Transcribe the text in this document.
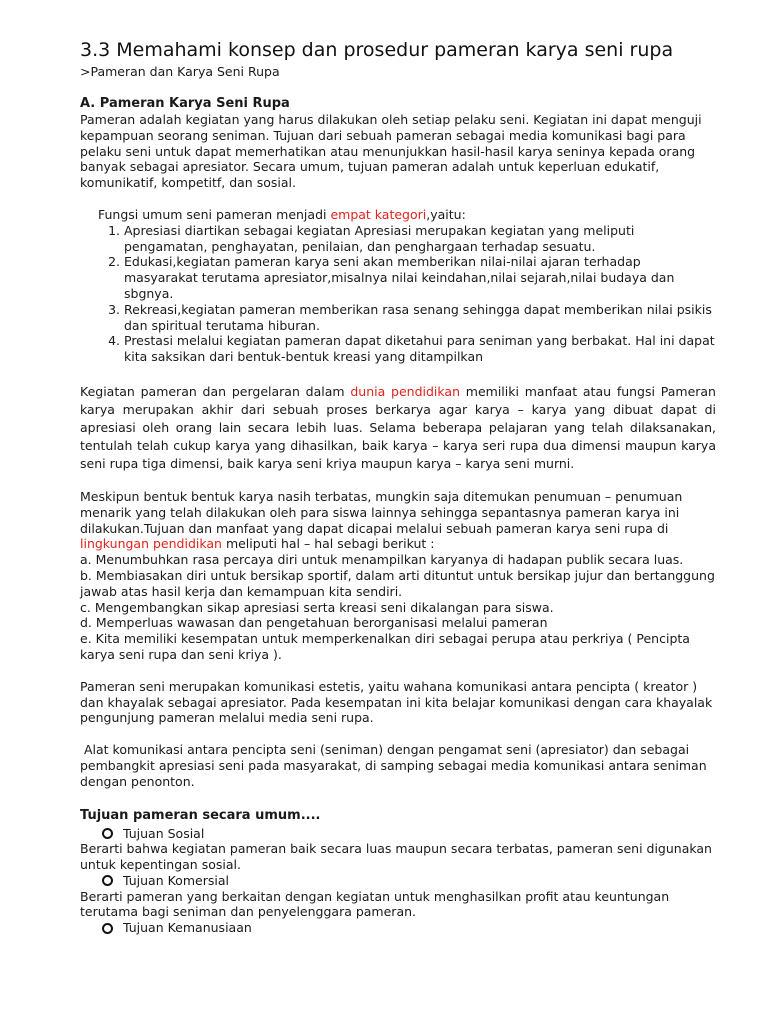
3.3 Memahami konsep dan prosedur pameran karya seni rupa
>Pameran dan Karya Seni Rupa
A. Pameran Karya Seni Rupa

Pameran adalah kegiatan yang harus dilakukan oleh setiap pelaku seni. Kegiatan ini dapat menguji kepampuan seorang seniman. Tujuan dari sebuah pameran sebagai media komunikasi bagi para pelaku seni untuk dapat memerhatikan atau menunjukkan hasil-hasil karya seninya kepada orang banyak sebagai apresiator. Secara umum, tujuan pameran adalah untuk keperluan edukatif, komunikatif, kompetitf, dan sosial.

Fungsi umum seni pameran menjadi empat kategori,yaitu:

1. Apresiasi diartikan sebagai kegiatan Apresiasi merupakan kegiatan yang meliputi pengamatan, penghayatan, penilaian, dan penghargaan terhadap sesuatu.
2. Edukasi,kegiatan pameran karya seni akan memberikan nilai-nilai ajaran terhadap masyarakat terutama apresiator,misalnya nilai keindahan,nilai sejarah,nilai budaya dan sbgnya.
3. Rekreasi,kegiatan pameran memberikan rasa senang sehingga dapat memberikan nilai psikis dan spiritual terutama hiburan.
4. Prestasi melalui kegiatan pameran dapat diketahui para seniman yang berbakat. Hal ini dapat kita saksikan dari bentuk-bentuk kreasi yang ditampilkan

Kegiatan pameran dan pergelaran dalam dunia pendidikan memiliki manfaat atau fungsi Pameran karya merupakan akhir dari sebuah proses berkarya agar karya – karya yang dibuat dapat di apresiasi oleh orang lain secara lebih luas. Selama beberapa pelajaran yang telah dilaksanakan, tentulah telah cukup karya yang dihasilkan, baik karya – karya seri rupa dua dimensi maupun karya seni rupa tiga dimensi, baik karya seni kriya maupun karya – karya seni murni.

Meskipun bentuk bentuk karya nasih terbatas, mungkin saja ditemukan penumuan – penumuan menarik yang telah dilakukan oleh para siswa lainnya sehingga sepantasnya pameran karya ini dilakukan.Tujuan dan manfaat yang dapat dicapai melalui sebuah pameran karya seni rupa di lingkungan pendidikan meliputi hal – hal sebagi berikut :

a. Menumbuhkan rasa percaya diri untuk menampilkan karyanya di hadapan publik secara luas.

b. Membiasakan diri untuk bersikap sportif, dalam arti dituntut untuk bersikap jujur dan bertanggung jawab atas hasil kerja dan kemampuan kita sendiri.

c. Mengembangkan sikap apresiasi serta kreasi seni dikalangan para siswa.

d. Memperluas wawasan dan pengetahuan berorganisasi melalui pameran

e. Kita memiliki kesempatan untuk memperkenalkan diri sebagai perupa atau perkriya ( Pencipta karya seni rupa dan seni kriya ).

Pameran seni merupakan komunikasi estetis, yaitu wahana komunikasi antara pencipta ( kreator ) dan khayalak sebagai apresiator. Pada kesempatan ini kita belajar komunikasi dengan cara khayalak pengunjung pameran melalui media seni rupa.

Alat komunikasi antara pencipta seni (seniman) dengan pengamat seni (apresiator) dan sebagai pembangkit apresiasi seni pada masyarakat, di samping sebagai media komunikasi antara seniman dengan penonton.

Tujuan pameran secara umum....
Tujuan Sosial

Berarti bahwa kegiatan pameran baik secara luas maupun secara terbatas, pameran seni digunakan untuk kepentingan sosial.

Tujuan Komersial

Berarti pameran yang berkaitan dengan kegiatan untuk menghasilkan profit atau keuntungan terutama bagi seniman dan penyelenggara pameran.

Tujuan Kemanusiaan
